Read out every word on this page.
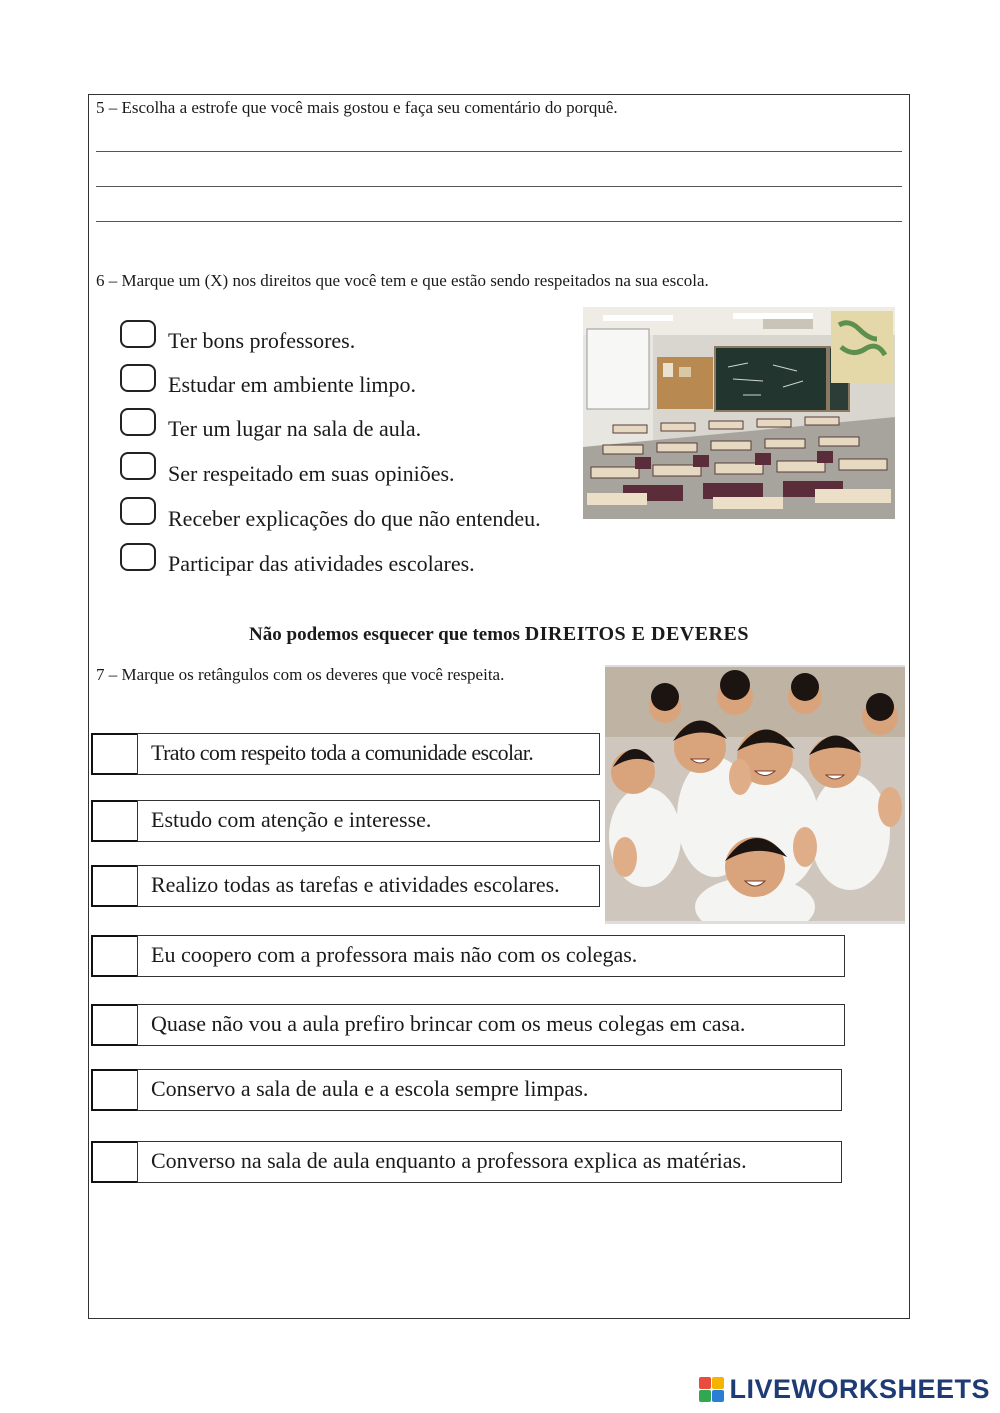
5 – Escolha a estrofe que você mais gostou e faça seu comentário do porquê.
6 – Marque um (X) nos direitos que você tem e que estão sendo respeitados na sua escola.
Ter bons professores.
Estudar em ambiente limpo.
Ter um lugar na sala de aula.
Ser respeitado em suas opiniões.
Receber explicações do que não entendeu.
Participar das atividades escolares.
Não podemos esquecer que temos DIREITOS E DEVERES
7 – Marque os retângulos com os deveres que você respeita.
Trato com respeito toda a comunidade escolar.
Estudo com atenção e interesse.
Realizo todas as tarefas e atividades escolares.
Eu coopero com a professora mais não com os colegas.
Quase não vou a aula prefiro brincar com os meus colegas em casa.
Conservo a sala de aula e a escola sempre limpas.
Converso na sala de aula enquanto a professora explica as matérias.
LIVEWORKSHEETS
